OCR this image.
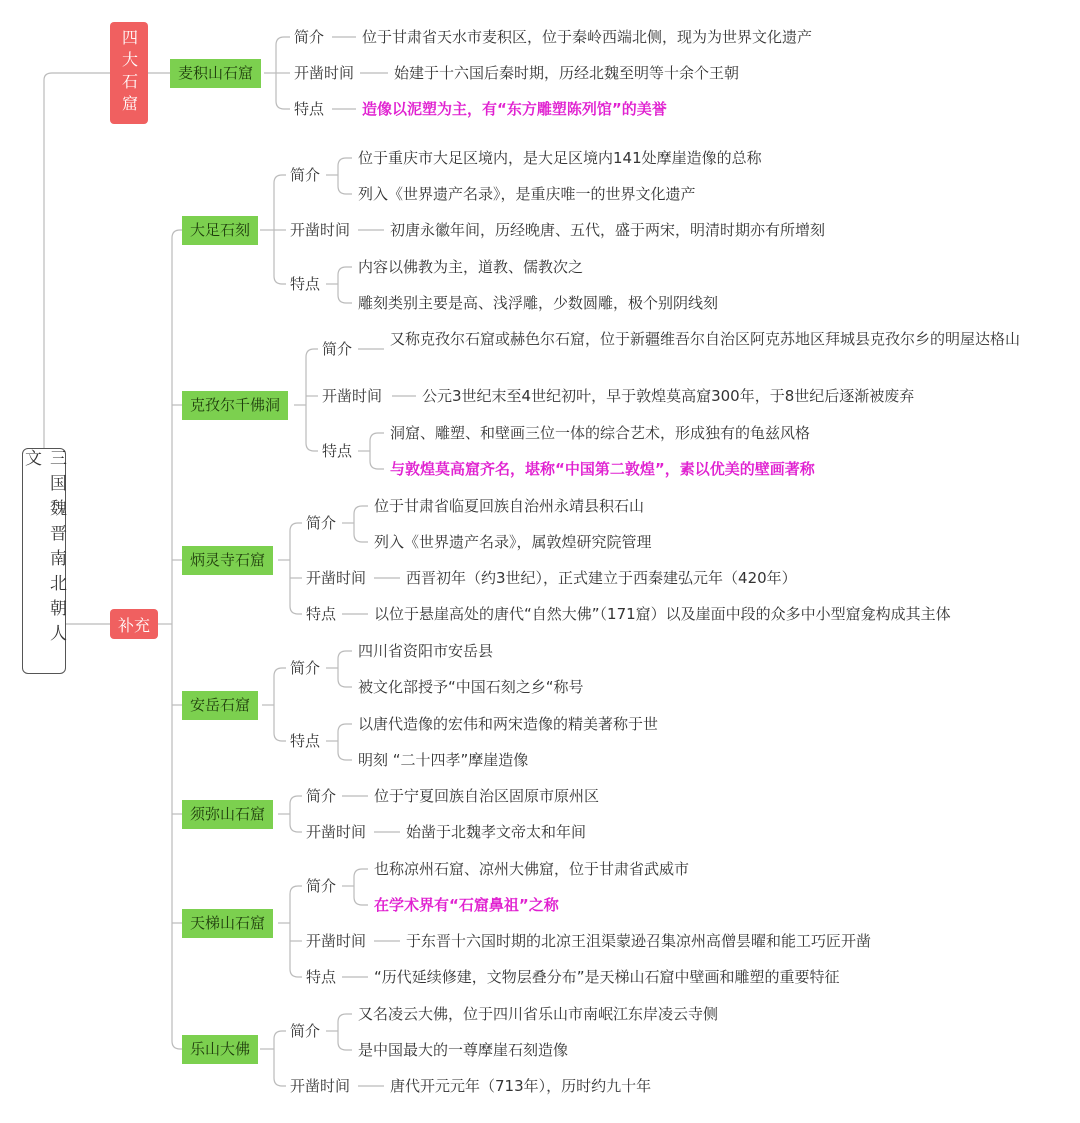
三国魏晋南北朝人文
四大石窟
补充
麦积山石窟
简介
开凿时间
特点
位于甘肃省天水市麦积区，位于秦岭西端北侧，现为为世界文化遗产
始建于十六国后秦时期，历经北魏至明等十余个王朝
造像以泥塑为主，有“东方雕塑陈列馆”的美誉
大足石刻
简介
开凿时间
特点
位于重庆市大足区境内，是大足区境内141处摩崖造像的总称
列入《世界遗产名录》，是重庆唯一的世界文化遗产
初唐永徽年间，历经晚唐、五代，盛于两宋，明清时期亦有所增刻
内容以佛教为主，道教、儒教次之
雕刻类别主要是高、浅浮雕，少数圆雕，极个别阴线刻
克孜尔千佛洞
简介
开凿时间
特点
又称克孜尔石窟或赫色尔石窟，位于新疆维吾尔自治区阿克苏地区拜城县克孜尔乡的明屋达格山
公元3世纪末至4世纪初叶，早于敦煌莫高窟300年，于8世纪后逐渐被废弃
洞窟、雕塑、和壁画三位一体的综合艺术，形成独有的龟兹风格
与敦煌莫高窟齐名，堪称“中国第二敦煌”，素以优美的壁画著称
炳灵寺石窟
简介
开凿时间
特点
位于甘肃省临夏回族自治州永靖县积石山
列入《世界遗产名录》，属敦煌研究院管理
西晋初年（约3世纪），正式建立于西秦建弘元年（420年）
以位于悬崖高处的唐代“自然大佛”（171窟）以及崖面中段的众多中小型窟龛构成其主体
安岳石窟
简介
特点
四川省资阳市安岳县
被文化部授予“中国石刻之乡“称号
以唐代造像的宏伟和两宋造像的精美著称于世
明刻 “二十四孝”摩崖造像
须弥山石窟
简介
开凿时间
位于宁夏回族自治区固原市原州区
始凿于北魏孝文帝太和年间
天梯山石窟
简介
开凿时间
特点
也称凉州石窟、凉州大佛窟，位于甘肃省武威市
在学术界有“石窟鼻祖”之称
于东晋十六国时期的北凉王沮渠蒙逊召集凉州高僧昙曜和能工巧匠开凿
“历代延续修建，文物层叠分布”是天梯山石窟中壁画和雕塑的重要特征
乐山大佛
简介
开凿时间
又名凌云大佛，位于四川省乐山市南岷江东岸凌云寺侧
是中国最大的一尊摩崖石刻造像
唐代开元元年（713年），历时约九十年
